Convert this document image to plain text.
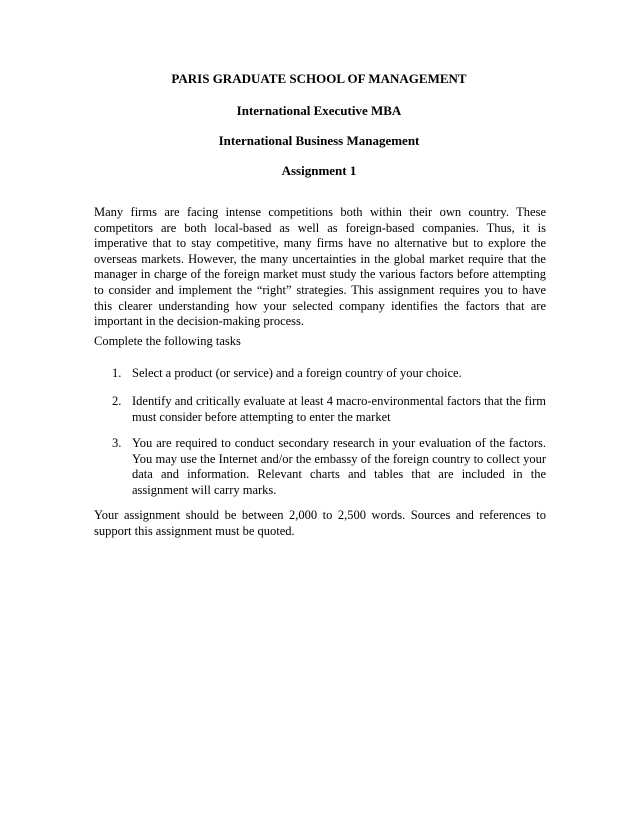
PARIS GRADUATE SCHOOL OF MANAGEMENT
International Executive MBA
International Business Management
Assignment 1

Many firms are facing intense competitions both within their own country. These competitors are both local-based as well as foreign-based companies. Thus, it is imperative that to stay competitive, many firms have no alternative but to explore the overseas markets. However, the many uncertainties in the global market require that the manager in charge of the foreign market must study the various factors before attempting to consider and implement the “right” strategies. This assignment requires you to have this clearer understanding how your selected company identifies the factors that are important in the decision-making process.

Complete the following tasks

1. Select a product (or service) and a foreign country of your choice.
2. Identify and critically evaluate at least 4 macro-environmental factors that the firm must consider before attempting to enter the market
3. You are required to conduct secondary research in your evaluation of the factors. You may use the Internet and/or the embassy of the foreign country to collect your data and information. Relevant charts and tables that are included in the assignment will carry marks.

Your assignment should be between 2,000 to 2,500 words. Sources and references to support this assignment must be quoted.
